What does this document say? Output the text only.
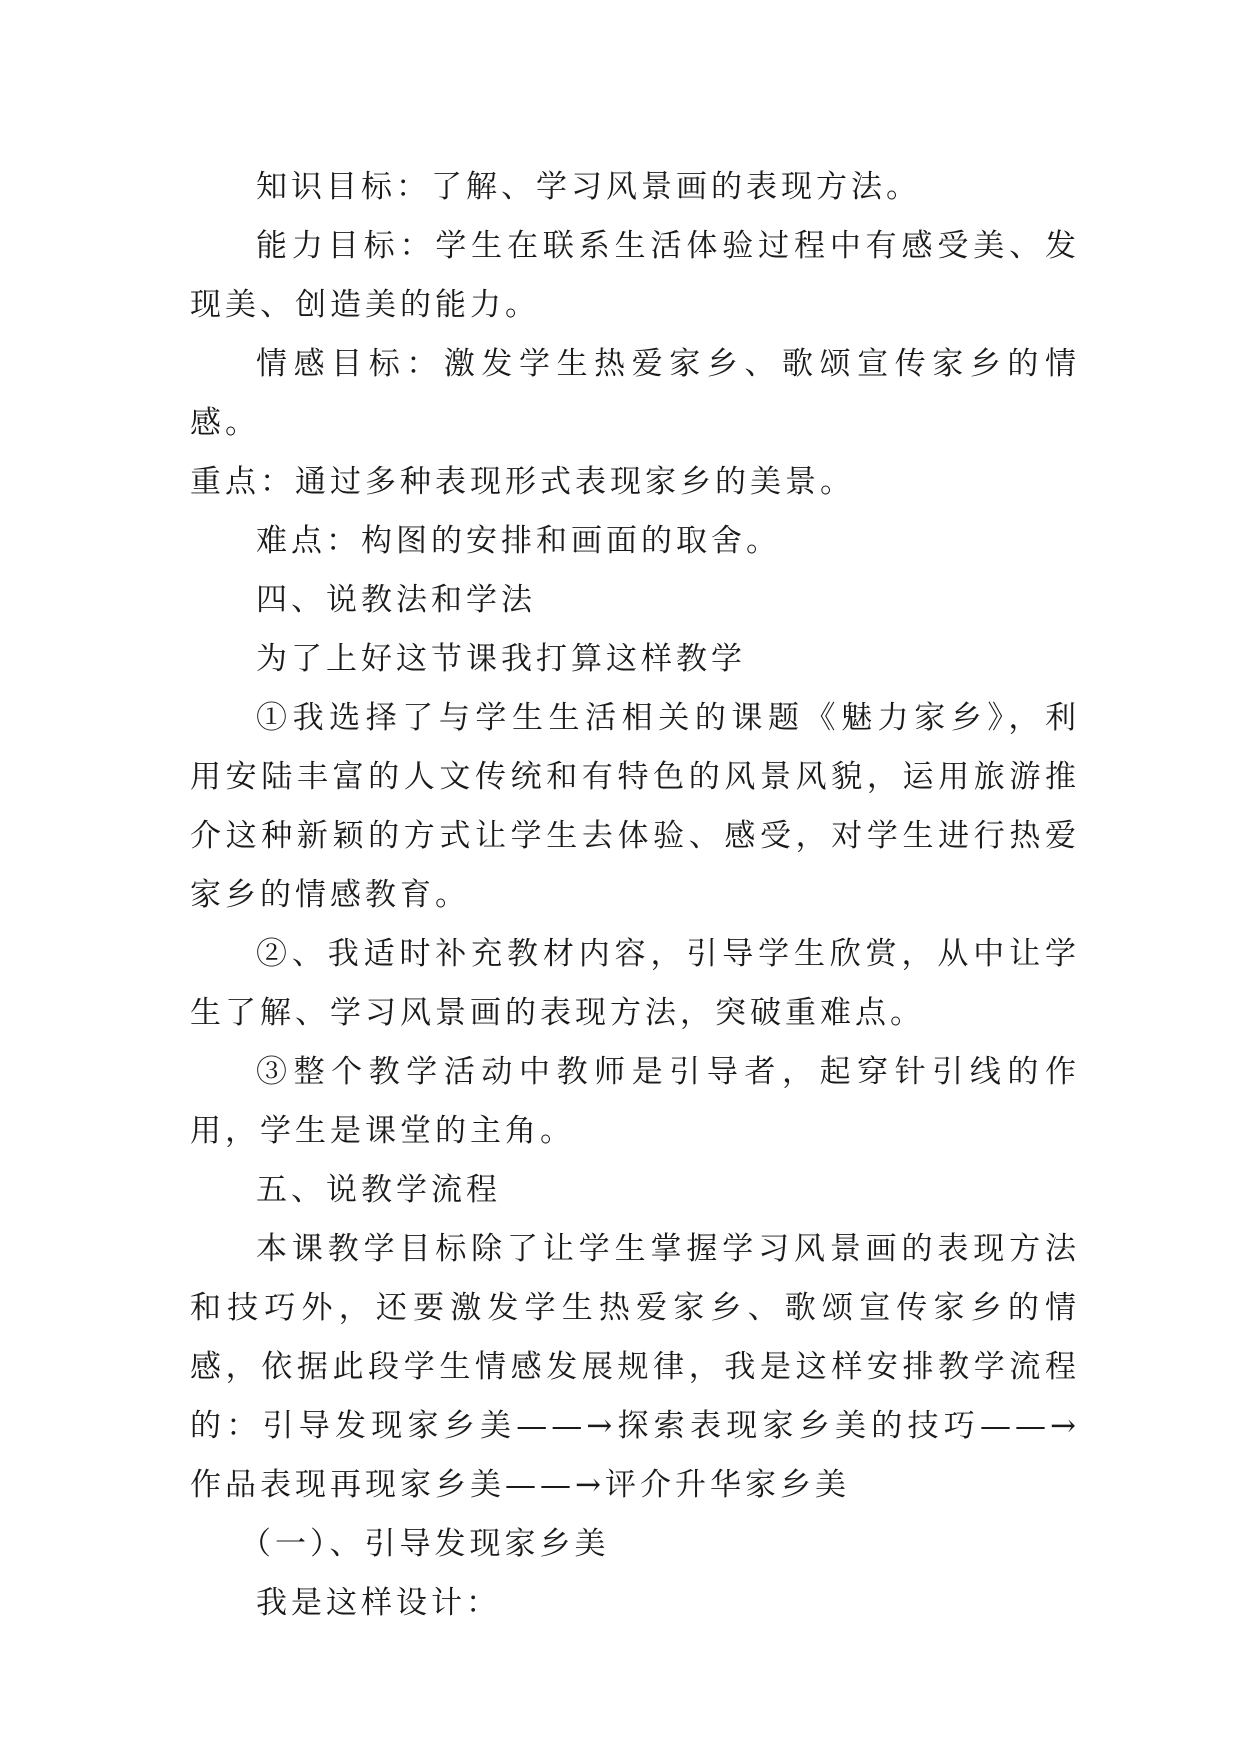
知识目标：了解、学习风景画的表现方法。

能力目标：学生在联系生活体验过程中有感受美、发现美、创造美的能力。

情感目标：激发学生热爱家乡、歌颂宣传家乡的情感。

重点：通过多种表现形式表现家乡的美景。

难点：构图的安排和画面的取舍。

四、说教法和学法

为了上好这节课我打算这样教学

①我选择了与学生生活相关的课题《魅力家乡》，利用安陆丰富的人文传统和有特色的风景风貌，运用旅游推介这种新颖的方式让学生去体验、感受，对学生进行热爱家乡的情感教育。

②、我适时补充教材内容，引导学生欣赏，从中让学生了解、学习风景画的表现方法，突破重难点。

③整个教学活动中教师是引导者，起穿针引线的作用，学生是课堂的主角。

五、说教学流程

本课教学目标除了让学生掌握学习风景画的表现方法和技巧外，还要激发学生热爱家乡、歌颂宣传家乡的情感，依据此段学生情感发展规律，我是这样安排教学流程的：引导发现家乡美——→探索表现家乡美的技巧——→作品表现再现家乡美——→评介升华家乡美

（一）、引导发现家乡美

我是这样设计：
